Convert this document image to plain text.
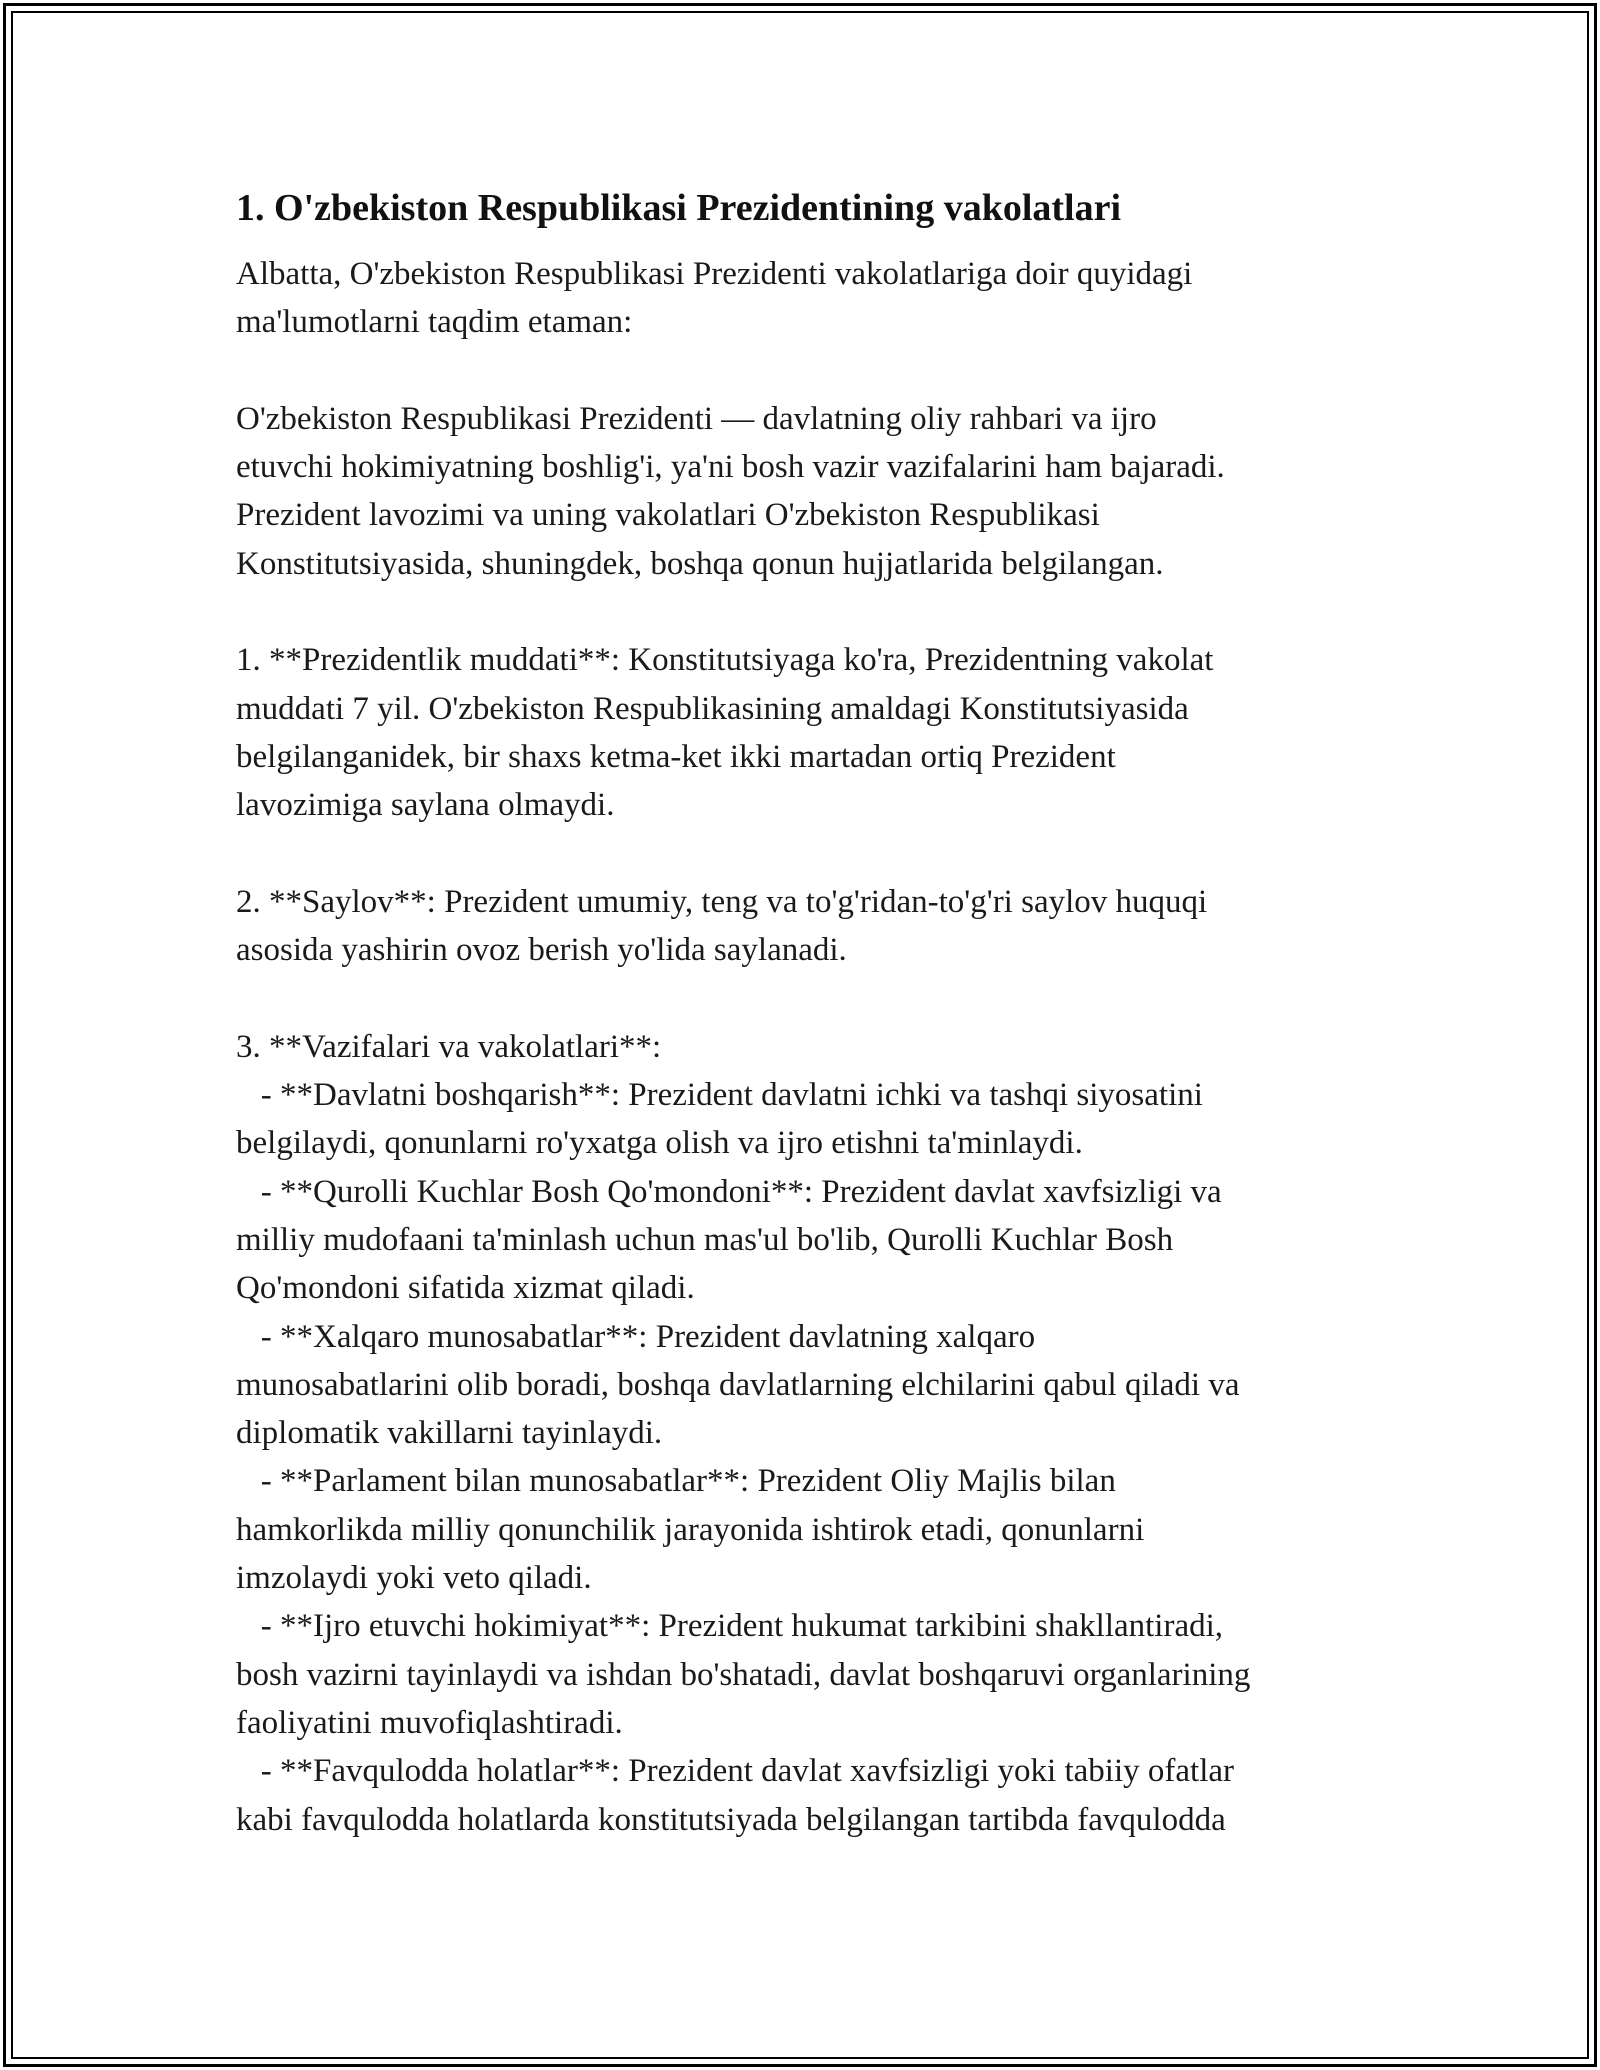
1. O'zbekiston Respublikasi Prezidentining vakolatlari

Albatta, O'zbekiston Respublikasi Prezidenti vakolatlariga doir quyidagi
ma'lumotlarni taqdim etaman:

O'zbekiston Respublikasi Prezidenti — davlatning oliy rahbari va ijro
etuvchi hokimiyatning boshlig'i, ya'ni bosh vazir vazifalarini ham bajaradi.
Prezident lavozimi va uning vakolatlari O'zbekiston Respublikasi
Konstitutsiyasida, shuningdek, boshqa qonun hujjatlarida belgilangan.

1. **Prezidentlik muddati**: Konstitutsiyaga ko'ra, Prezidentning vakolat
muddati 7 yil. O'zbekiston Respublikasining amaldagi Konstitutsiyasida
belgilanganidek, bir shaxs ketma-ket ikki martadan ortiq Prezident
lavozimiga saylana olmaydi.

2. **Saylov**: Prezident umumiy, teng va to'g'ridan-to'g'ri saylov huquqi
asosida yashirin ovoz berish yo'lida saylanadi.

3. **Vazifalari va vakolatlari**:
- **Davlatni boshqarish**: Prezident davlatni ichki va tashqi siyosatini
belgilaydi, qonunlarni ro'yxatga olish va ijro etishni ta'minlaydi.
- **Qurolli Kuchlar Bosh Qo'mondoni**: Prezident davlat xavfsizligi va
milliy mudofaani ta'minlash uchun mas'ul bo'lib, Qurolli Kuchlar Bosh
Qo'mondoni sifatida xizmat qiladi.
- **Xalqaro munosabatlar**: Prezident davlatning xalqaro
munosabatlarini olib boradi, boshqa davlatlarning elchilarini qabul qiladi va
diplomatik vakillarni tayinlaydi.
- **Parlament bilan munosabatlar**: Prezident Oliy Majlis bilan
hamkorlikda milliy qonunchilik jarayonida ishtirok etadi, qonunlarni
imzolaydi yoki veto qiladi.
- **Ijro etuvchi hokimiyat**: Prezident hukumat tarkibini shakllantiradi,
bosh vazirni tayinlaydi va ishdan bo'shatadi, davlat boshqaruvi organlarining
faoliyatini muvofiqlashtiradi.
- **Favqulodda holatlar**: Prezident davlat xavfsizligi yoki tabiiy ofatlar
kabi favqulodda holatlarda konstitutsiyada belgilangan tartibda favqulodda
